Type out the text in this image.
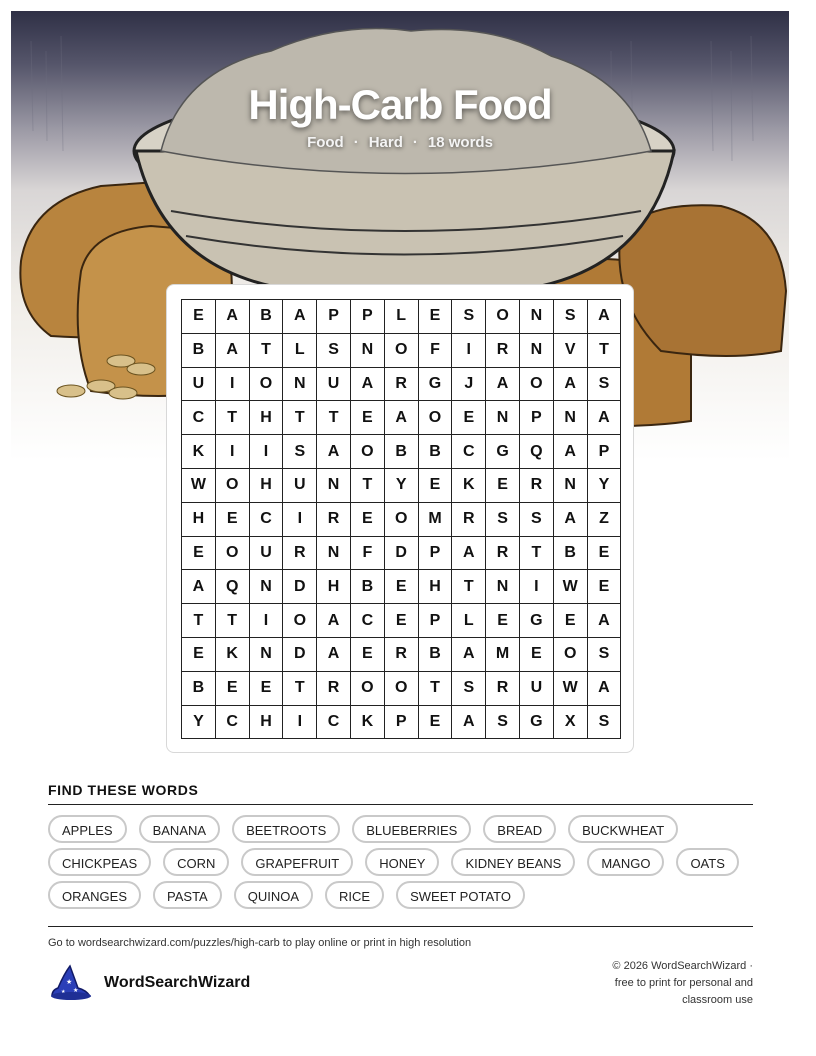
High-Carb Food
Food · Hard · 18 words
E	A	B	A	P	P	L	E	S	O	N	S	A
B	A	T	L	S	N	O	F	I	R	N	V	T
U	I	O	N	U	A	R	G	J	A	O	A	S
C	T	H	T	T	E	A	O	E	N	P	N	A
K	I	I	S	A	O	B	B	C	G	Q	A	P
W	O	H	U	N	T	Y	E	K	E	R	N	Y
H	E	C	I	R	E	O	M	R	S	S	A	Z
E	O	U	R	N	F	D	P	A	R	T	B	E
A	Q	N	D	H	B	E	H	T	N	I	W	E
T	T	I	O	A	C	E	P	L	E	G	E	A
E	K	N	D	A	E	R	B	A	M	E	O	S
B	E	E	T	R	O	O	T	S	R	U	W	A
Y	C	H	I	C	K	P	E	A	S	G	X	S
FIND THESE WORDS
APPLES	BANANA	BEETROOTS	BLUEBERRIES	BREAD	BUCKWHEAT
CHICKPEAS	CORN	GRAPEFRUIT	HONEY	KIDNEY BEANS	MANGO	OATS
ORANGES	PASTA	QUINOA	RICE	SWEET POTATO
Go to wordsearchwizard.com/puzzles/high-carb to play online or print in high resolution
★
★
★
WordSearchWizard
© 2026 WordSearchWizard ·
free to print for personal and
classroom use
